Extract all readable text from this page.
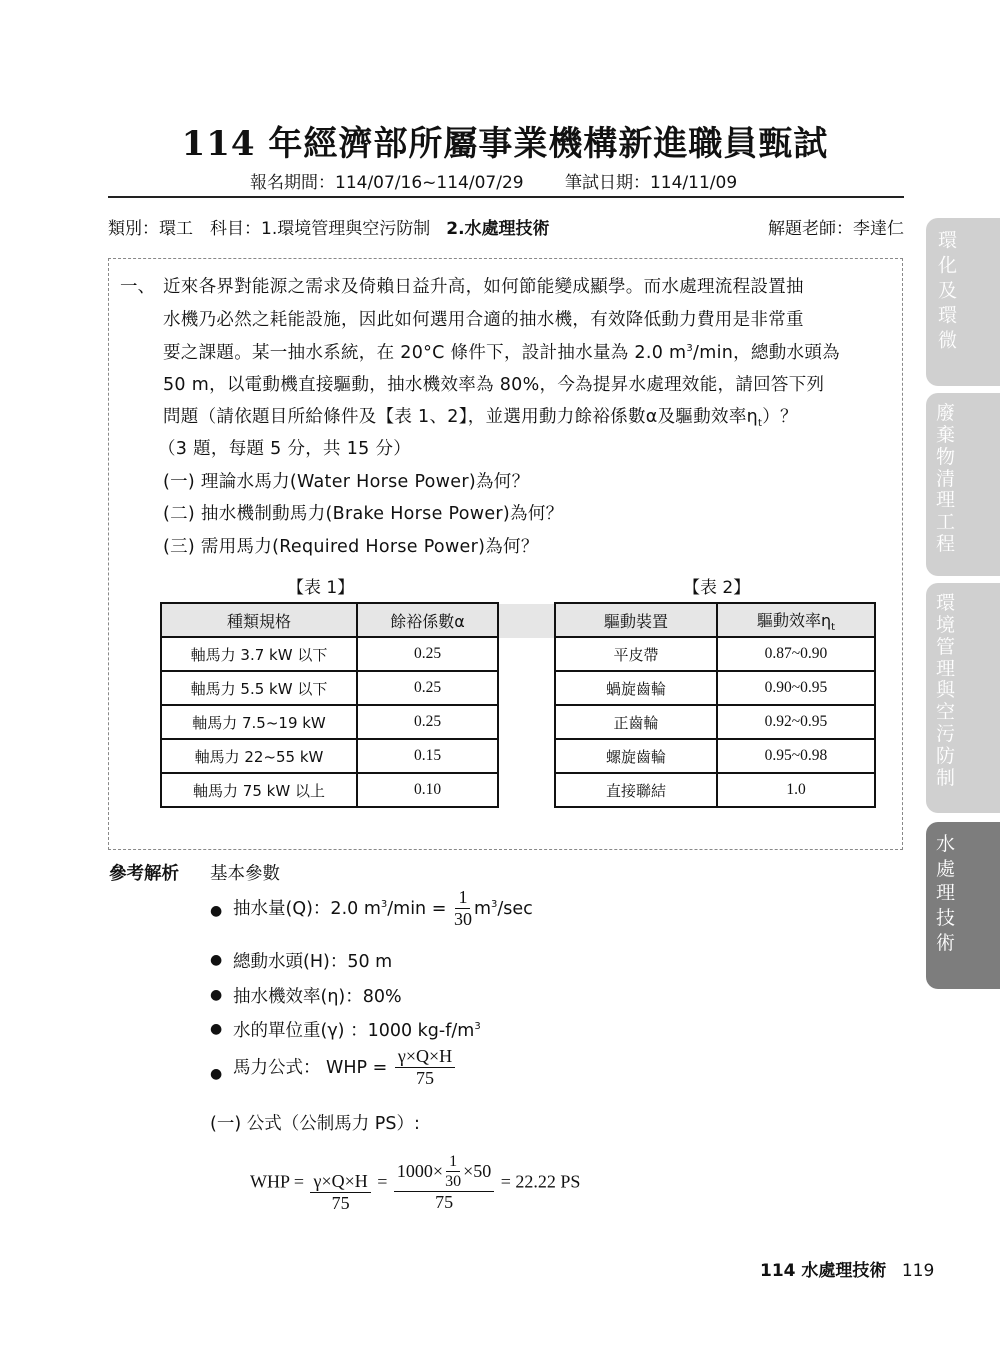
114 年經濟部所屬事業機構新進職員甄試
報名期間：114/07/16~114/07/29 筆試日期：114/11/09
類別：環工　科目：1.環境管理與空污防制 2.水處理技術	解題老師：李達仁
一、 近來各界對能源之需求及倚賴日益升高，如何節能變成顯學。而水處理流程設置抽
水機乃必然之耗能設施，因此如何選用合適的抽水機，有效降低動力費用是非常重
要之課題。某一抽水系統，在 20°C 條件下，設計抽水量為 2.0 $m^3/\min$，總動水頭為
50 m，以電動機直接驅動，抽水機效率為 80%，今為提昇水處理效能，請回答下列
問題（請依題目所給條件及【表 1、2】，並選用動力餘裕係數α及驅動效率$\eta_t$）？
（3 題，每題 5 分，共 15 分）
(一) 理論水馬力(Water Horse Power)為何？
(二) 抽水機制動馬力(Brake Horse Power)為何？
(三) 需用馬力(Required Horse Power)為何？
【表 1】	【表 2】
種類規格	餘裕係數α
軸馬力 3.7 kW 以下	0.25
軸馬力 5.5 kW 以下	0.25
軸馬力 7.5~19 kW	0.25
軸馬力 22~55 kW	0.15
軸馬力 75 kW 以上	0.10
驅動裝置	驅動效率$\eta_t$
平皮帶	0.87~0.90
蝸旋齒輪	0.90~0.95
正齒輪	0.92~0.95
螺旋齒輪	0.95~0.98
直接聯結	1.0
參考解析 基本參數
● 抽水量(Q)：2.0 $m^3/\min = \frac{1}{30} m^3/\sec$
● 總動水頭(H)：50 m
● 抽水機效率(η)：80%
● 水的單位重(γ) ：1000 $kg-f/m^3$
● 馬力公式： WHP = $\frac{\gamma\times Q\times H}{75}$
(一) 公式（公制馬力 PS）:
WHP = $\frac{\gamma\times Q\times H}{75} = \frac{1000\times \frac{1}{30} \times 50}{75} = 22.22$ PS
環化及環微
廢
棄
物
清
理
工
程
環
境
管
理
與
空
污
防
制
水
處
理
技
術
114 水處理技術 119
